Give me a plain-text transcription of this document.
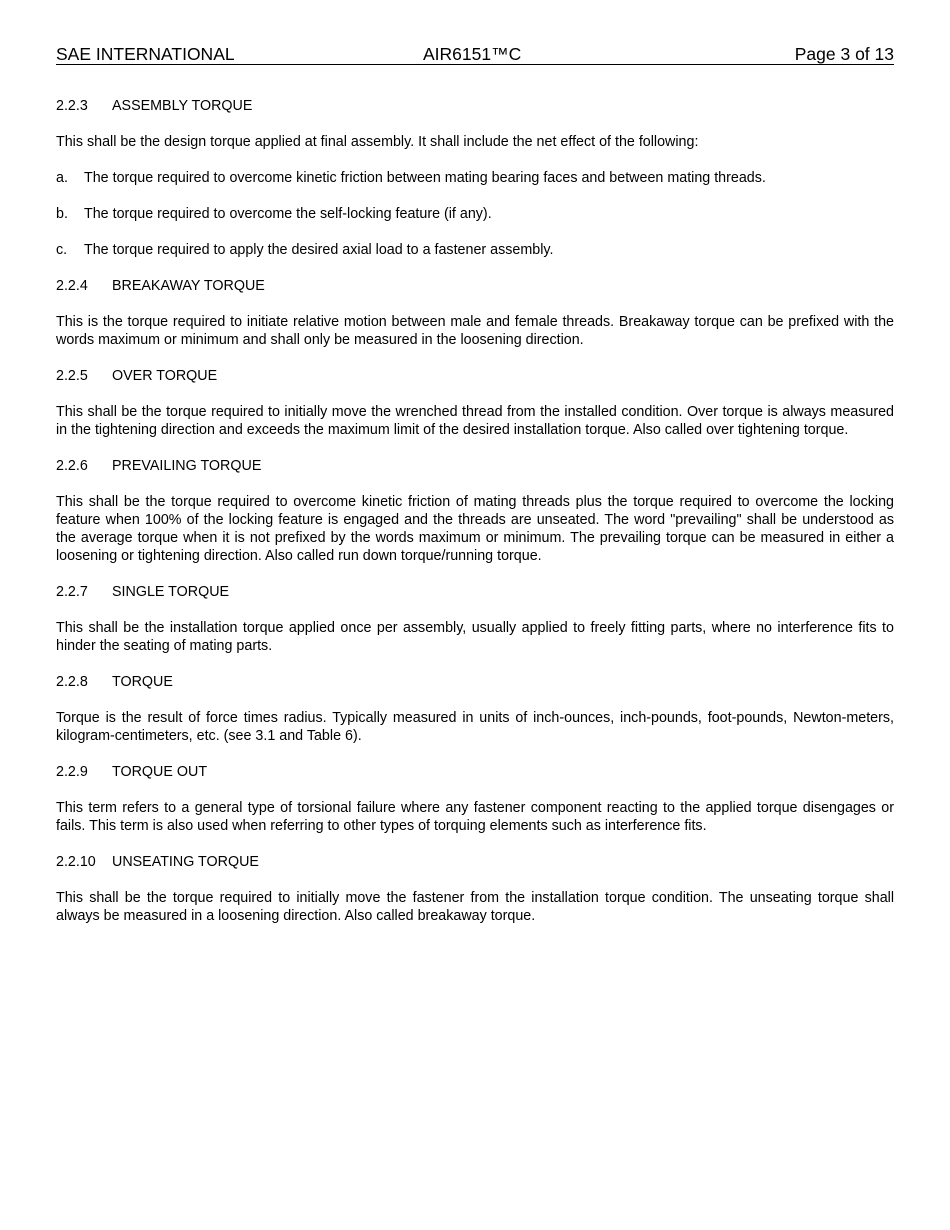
SAE INTERNATIONAL	AIR6151™C	Page 3 of 13
2.2.3 ASSEMBLY TORQUE
This shall be the design torque applied at final assembly. It shall include the net effect of the following:
a. The torque required to overcome kinetic friction between mating bearing faces and between mating threads.
b. The torque required to overcome the self-locking feature (if any).
c. The torque required to apply the desired axial load to a fastener assembly.
2.2.4 BREAKAWAY TORQUE
This is the torque required to initiate relative motion between male and female threads. Breakaway torque can be prefixed with the words maximum or minimum and shall only be measured in the loosening direction.
2.2.5 OVER TORQUE
This shall be the torque required to initially move the wrenched thread from the installed condition. Over torque is always measured in the tightening direction and exceeds the maximum limit of the desired installation torque. Also called over tightening torque.
2.2.6 PREVAILING TORQUE
This shall be the torque required to overcome kinetic friction of mating threads plus the torque required to overcome the locking feature when 100% of the locking feature is engaged and the threads are unseated. The word "prevailing" shall be understood as the average torque when it is not prefixed by the words maximum or minimum. The prevailing torque can be measured in either a loosening or tightening direction. Also called run down torque/running torque.
2.2.7 SINGLE TORQUE
This shall be the installation torque applied once per assembly, usually applied to freely fitting parts, where no interference fits to hinder the seating of mating parts.
2.2.8 TORQUE
Torque is the result of force times radius. Typically measured in units of inch-ounces, inch-pounds, foot-pounds, Newton-meters, kilogram-centimeters, etc. (see 3.1 and Table 6).
2.2.9 TORQUE OUT
This term refers to a general type of torsional failure where any fastener component reacting to the applied torque disengages or fails. This term is also used when referring to other types of torquing elements such as interference fits.
2.2.10 UNSEATING TORQUE
This shall be the torque required to initially move the fastener from the installation torque condition. The unseating torque shall always be measured in a loosening direction. Also called breakaway torque.
